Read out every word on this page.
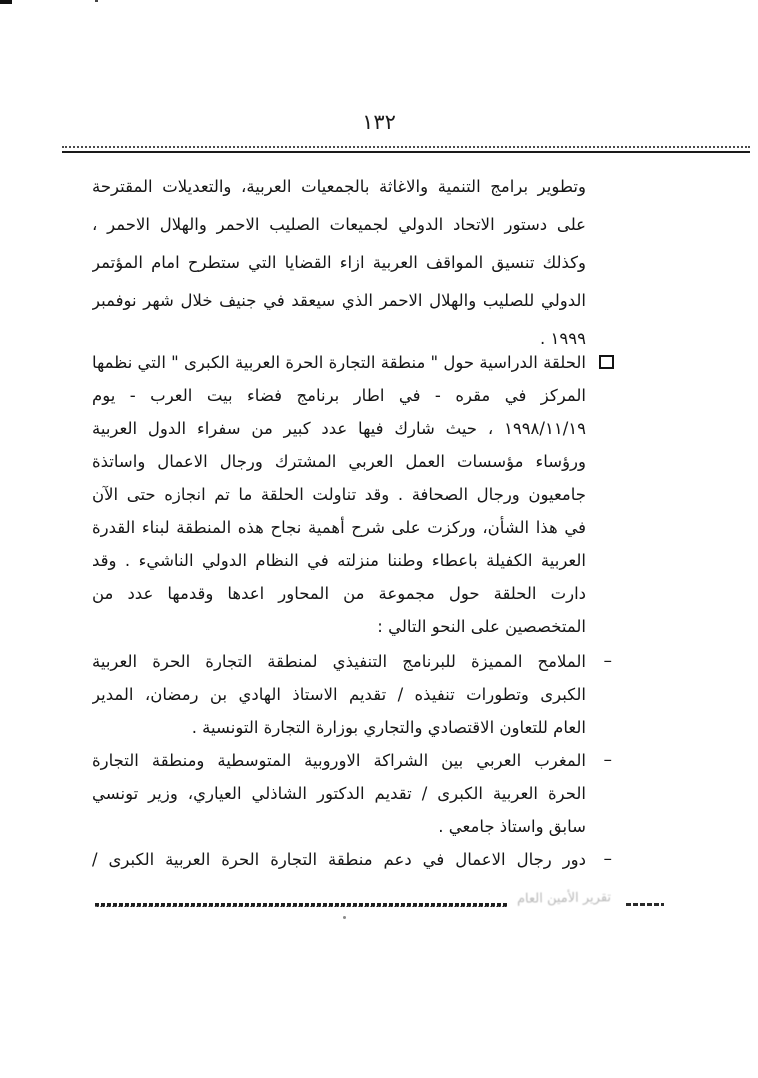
١٣٢
وتطوير برامج التنمية والاغاثة بالجمعيات العربية، والتعديلات المقترحة
على دستور الاتحاد الدولي لجميعات الصليب الاحمر والهلال الاحمر ،
وكذلك تنسيق المواقف العربية ازاء القضايا التي ستطرح امام المؤتمر
الدولي للصليب والهلال الاحمر الذي سيعقد في جنيف خلال شهر نوفمبر
١٩٩٩ .
الحلقة الدراسية حول " منطقة التجارة الحرة العربية الكبرى " التي نظمها
المركز في مقره - في اطار برنامج فضاء بيت العرب - يوم
١٩٩٨/١١/١٩ ، حيث شارك فيها عدد كبير من سفراء الدول العربية
ورؤساء مؤسسات العمل العربي المشترك ورجال الاعمال واساتذة
جامعيون ورجال الصحافة . وقد تناولت الحلقة ما تم انجازه حتى الآن
في هذا الشأن، وركزت على شرح أهمية نجاح هذه المنطقة لبناء القدرة
العربية الكفيلة باعطاء وطننا منزلته في النظام الدولي الناشيء . وقد
دارت الحلقة حول مجموعة من المحاور اعدها وقدمها عدد من
المتخصصين على النحو التالي :
–
الملامح المميزة للبرنامج التنفيذي لمنطقة التجارة الحرة العربية
الكبرى وتطورات تنفيذه / تقديم الاستاذ الهادي بن رمضان، المدير
العام للتعاون الاقتصادي والتجاري بوزارة التجارة التونسية .
–
المغرب العربي بين الشراكة الاوروبية المتوسطية ومنطقة التجارة
الحرة العربية الكبرى / تقديم الدكتور الشاذلي العياري، وزير تونسي
سابق واستاذ جامعي .
–
دور رجال الاعمال في دعم منطقة التجارة الحرة العربية الكبرى /
تقرير الأمين العام
